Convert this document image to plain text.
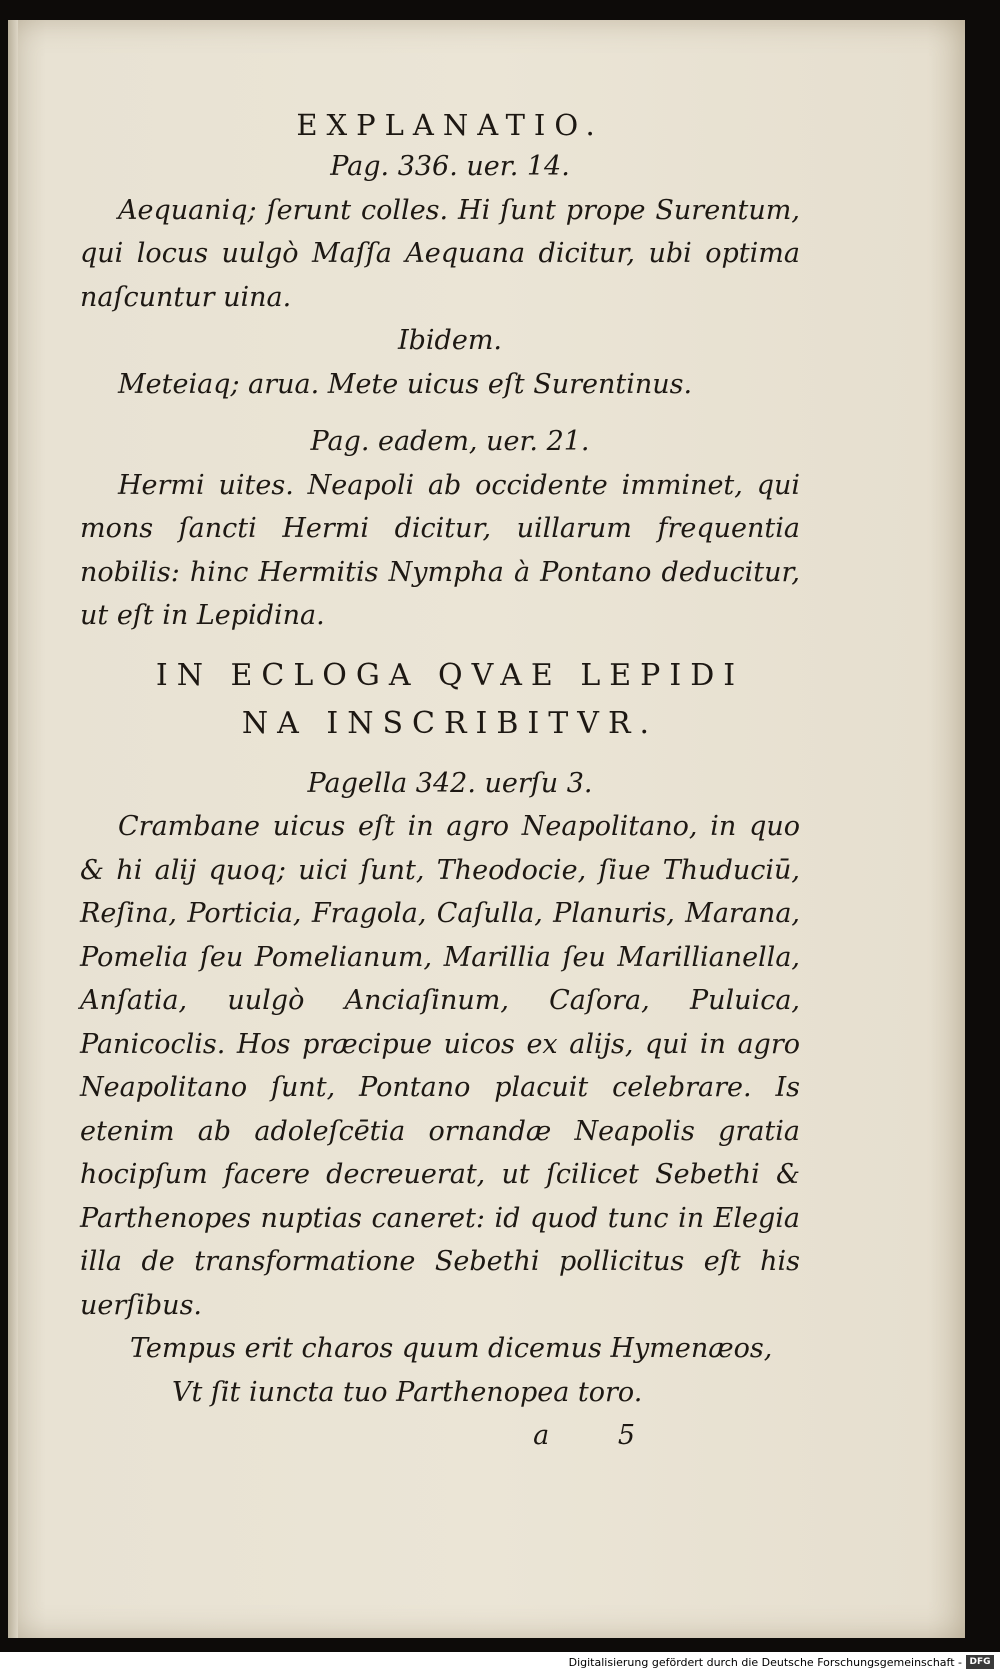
EXPLANATIO.
Pag. 336. uer. 14.

Aequaniq; ſerunt colles. Hi ſunt prope Surentum, qui locus uulgò Maſſa Aequana dicitur, ubi optima naſcuntur uina.

Ibidem.

Meteiaq; arua. Mete uicus eſt Surentinus.

Pag. eadem, uer. 21.

Hermi uites. Neapoli ab occidente imminet, qui mons ſancti Hermi dicitur, uillarum frequentia nobilis: hinc Hermitis Nympha à Pontano deducitur, ut eſt in Lepidina.

IN ECLOGA QVAE LEPIDI
NA INSCRIBITVR.
Pagella 342. uerſu 3.

Crambane uicus eſt in agro Neapolitano, in quo & hi alij quoq; uici ſunt, Theodocie, ſiue Thuduciū, Reſina, Porticia, Fragola, Caſulla, Planuris, Marana, Pomelia ſeu Pomelianum, Marillia ſeu Marillianella, Anſatia, uulgò Anciaſinum, Caſora, Puluica, Panicoclis. Hos præcipue uicos ex alijs, qui in agro Neapolitano ſunt, Pontano placuit celebrare. Is etenim ab adoleſcētia ornandæ Neapolis gratia hocipſum facere decreuerat, ut ſcilicet Sebethi & Parthenopes nuptias caneret: id quod tunc in Elegia illa de transformatione Sebethi pollicitus eſt his uerſibus.

Tempus erit charos quum dicemus Hymenæos,
Vt ſit iuncta tuo Parthenopea toro.
a 5
Digitalisierung gefördert durch die Deutsche Forschungsgemeinschaft - DFG
